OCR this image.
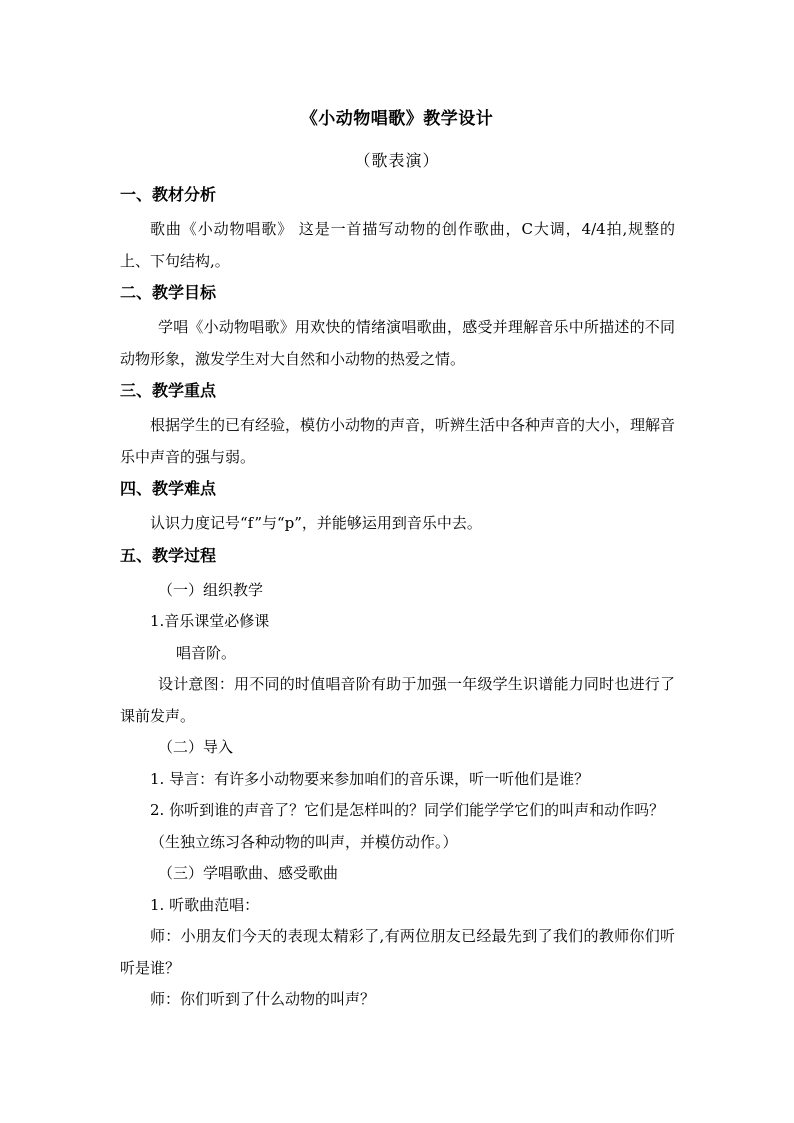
《小动物唱歌》教学设计
（歌表演）
一、教材分析

歌曲《小动物唱歌》 这是一首描写动物的创作歌曲，C大调，4/4拍,规整的上、下句结构,。

二、教学目标

学唱《小动物唱歌》用欢快的情绪演唱歌曲，感受并理解音乐中所描述的不同动物形象，激发学生对大自然和小动物的热爱之情。

三、教学重点

根据学生的已有经验，模仿小动物的声音，听辨生活中各种声音的大小，理解音乐中声音的强与弱。

四、教学难点

认识力度记号“f”与“p”，并能够运用到音乐中去。

五、教学过程

（一）组织教学

1.音乐课堂必修课

唱音阶。

设计意图：用不同的时值唱音阶有助于加强一年级学生识谱能力同时也进行了课前发声。

（二）导入

1. 导言：有许多小动物要来参加咱们的音乐课，听一听他们是谁？

2. 你听到谁的声音了？它们是怎样叫的？同学们能学学它们的叫声和动作吗？

（生独立练习各种动物的叫声，并模仿动作。）

（三）学唱歌曲、感受歌曲

1. 听歌曲范唱：

师：小朋友们今天的表现太精彩了,有两位朋友已经最先到了我们的教师你们听听是谁？

师：你们听到了什么动物的叫声？
